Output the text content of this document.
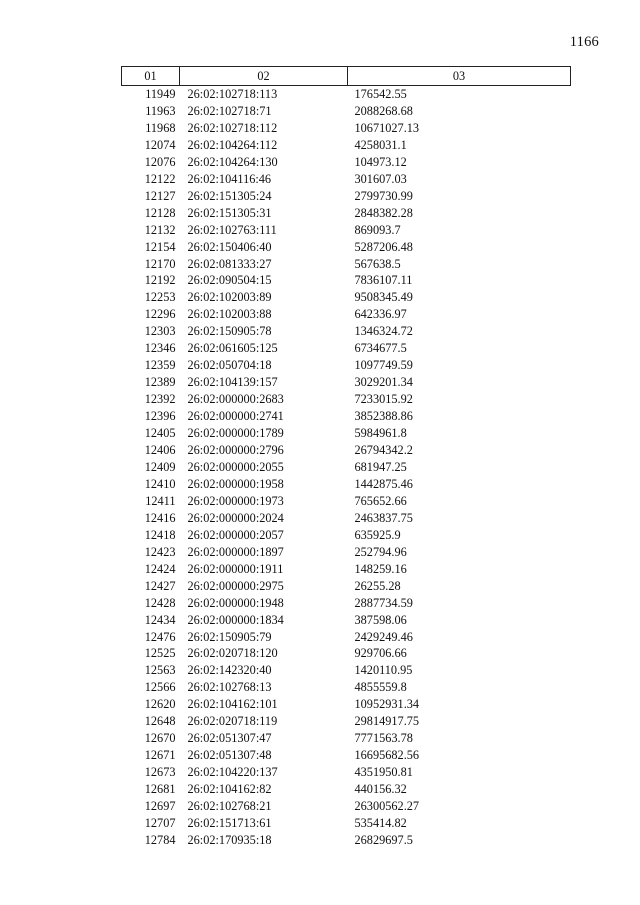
1166
01	02	03
11949	26:02:102718:113	176542.55
11963	26:02:102718:71	2088268.68
11968	26:02:102718:112	10671027.13
12074	26:02:104264:112	4258031.1
12076	26:02:104264:130	104973.12
12122	26:02:104116:46	301607.03
12127	26:02:151305:24	2799730.99
12128	26:02:151305:31	2848382.28
12132	26:02:102763:111	869093.7
12154	26:02:150406:40	5287206.48
12170	26:02:081333:27	567638.5
12192	26:02:090504:15	7836107.11
12253	26:02:102003:89	9508345.49
12296	26:02:102003:88	642336.97
12303	26:02:150905:78	1346324.72
12346	26:02:061605:125	6734677.5
12359	26:02:050704:18	1097749.59
12389	26:02:104139:157	3029201.34
12392	26:02:000000:2683	7233015.92
12396	26:02:000000:2741	3852388.86
12405	26:02:000000:1789	5984961.8
12406	26:02:000000:2796	26794342.2
12409	26:02:000000:2055	681947.25
12410	26:02:000000:1958	1442875.46
12411	26:02:000000:1973	765652.66
12416	26:02:000000:2024	2463837.75
12418	26:02:000000:2057	635925.9
12423	26:02:000000:1897	252794.96
12424	26:02:000000:1911	148259.16
12427	26:02:000000:2975	26255.28
12428	26:02:000000:1948	2887734.59
12434	26:02:000000:1834	387598.06
12476	26:02:150905:79	2429249.46
12525	26:02:020718:120	929706.66
12563	26:02:142320:40	1420110.95
12566	26:02:102768:13	4855559.8
12620	26:02:104162:101	10952931.34
12648	26:02:020718:119	29814917.75
12670	26:02:051307:47	7771563.78
12671	26:02:051307:48	16695682.56
12673	26:02:104220:137	4351950.81
12681	26:02:104162:82	440156.32
12697	26:02:102768:21	26300562.27
12707	26:02:151713:61	535414.82
12784	26:02:170935:18	26829697.5
